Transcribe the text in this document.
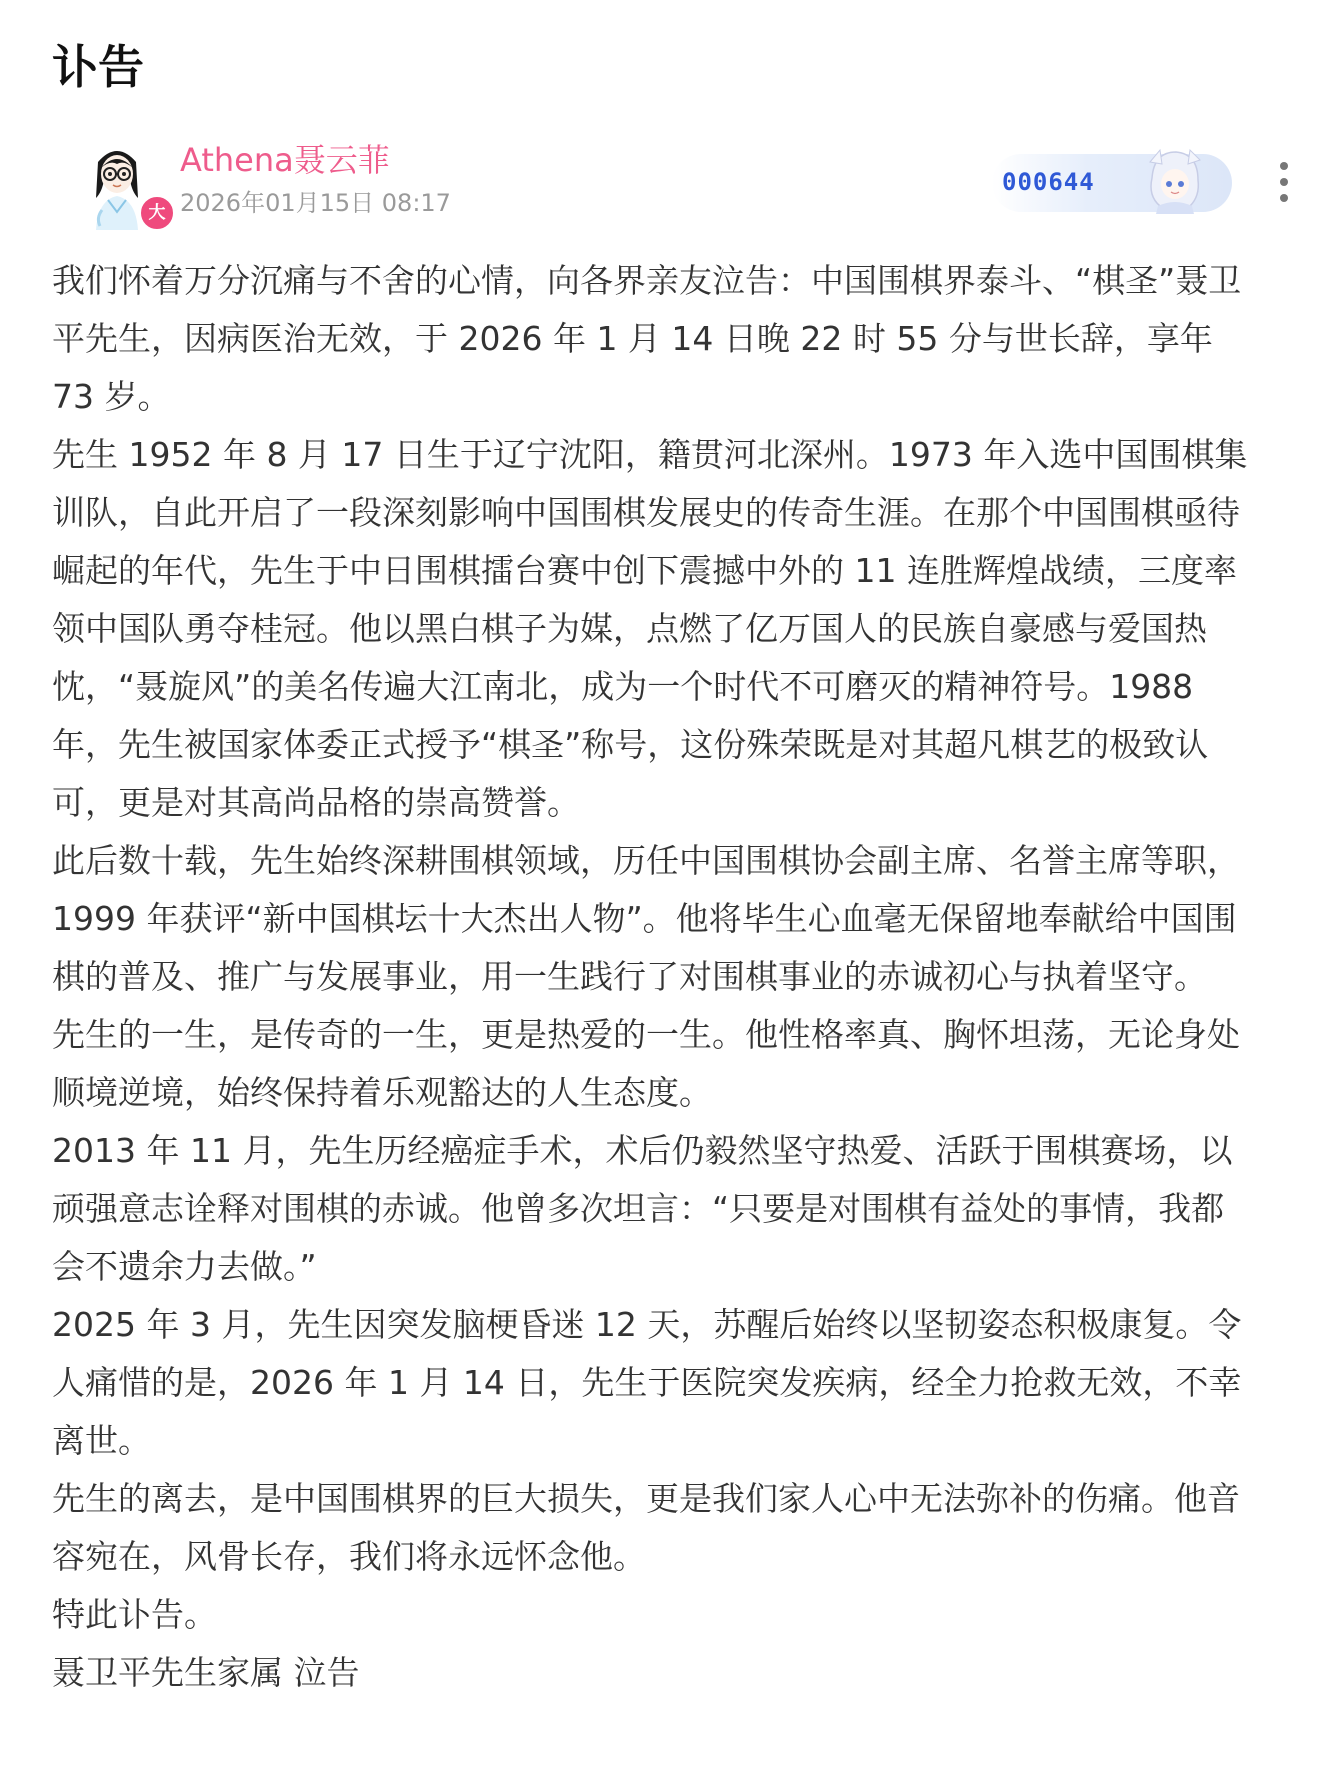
讣告
大
Athena聂云菲
2026年01月15日 08:17
000644

我们怀着万分沉痛与不舍的心情，向各界亲友泣告：中国围棋界泰斗、“棋圣”聂卫平先生，因病医治无效，于 2026 年 1 月 14 日晚 22 时 55 分与世长辞，享年 73 岁。

先生 1952 年 8 月 17 日生于辽宁沈阳，籍贯河北深州。1973 年入选中国围棋集训队，自此开启了一段深刻影响中国围棋发展史的传奇生涯。在那个中国围棋亟待崛起的年代，先生于中日围棋擂台赛中创下震撼中外的 11 连胜辉煌战绩，三度率领中国队勇夺桂冠。他以黑白棋子为媒，点燃了亿万国人的民族自豪感与爱国热忱，“聂旋风”的美名传遍大江南北，成为一个时代不可磨灭的精神符号。1988 年，先生被国家体委正式授予“棋圣”称号，这份殊荣既是对其超凡棋艺的极致认可，更是对其高尚品格的崇高赞誉。

此后数十载，先生始终深耕围棋领域，历任中国围棋协会副主席、名誉主席等职，1999 年获评“新中国棋坛十大杰出人物”。他将毕生心血毫无保留地奉献给中国围棋的普及、推广与发展事业，用一生践行了对围棋事业的赤诚初心与执着坚守。

先生的一生，是传奇的一生，更是热爱的一生。他性格率真、胸怀坦荡，无论身处顺境逆境，始终保持着乐观豁达的人生态度。

2013 年 11 月，先生历经癌症手术，术后仍毅然坚守热爱、活跃于围棋赛场，以顽强意志诠释对围棋的赤诚。他曾多次坦言：“只要是对围棋有益处的事情，我都会不遗余力去做。”

2025 年 3 月，先生因突发脑梗昏迷 12 天，苏醒后始终以坚韧姿态积极康复。令人痛惜的是，2026 年 1 月 14 日，先生于医院突发疾病，经全力抢救无效，不幸离世。

先生的离去，是中国围棋界的巨大损失，更是我们家人心中无法弥补的伤痛。他音容宛在，风骨长存，我们将永远怀念他。

特此讣告。

聂卫平先生家属 泣告
